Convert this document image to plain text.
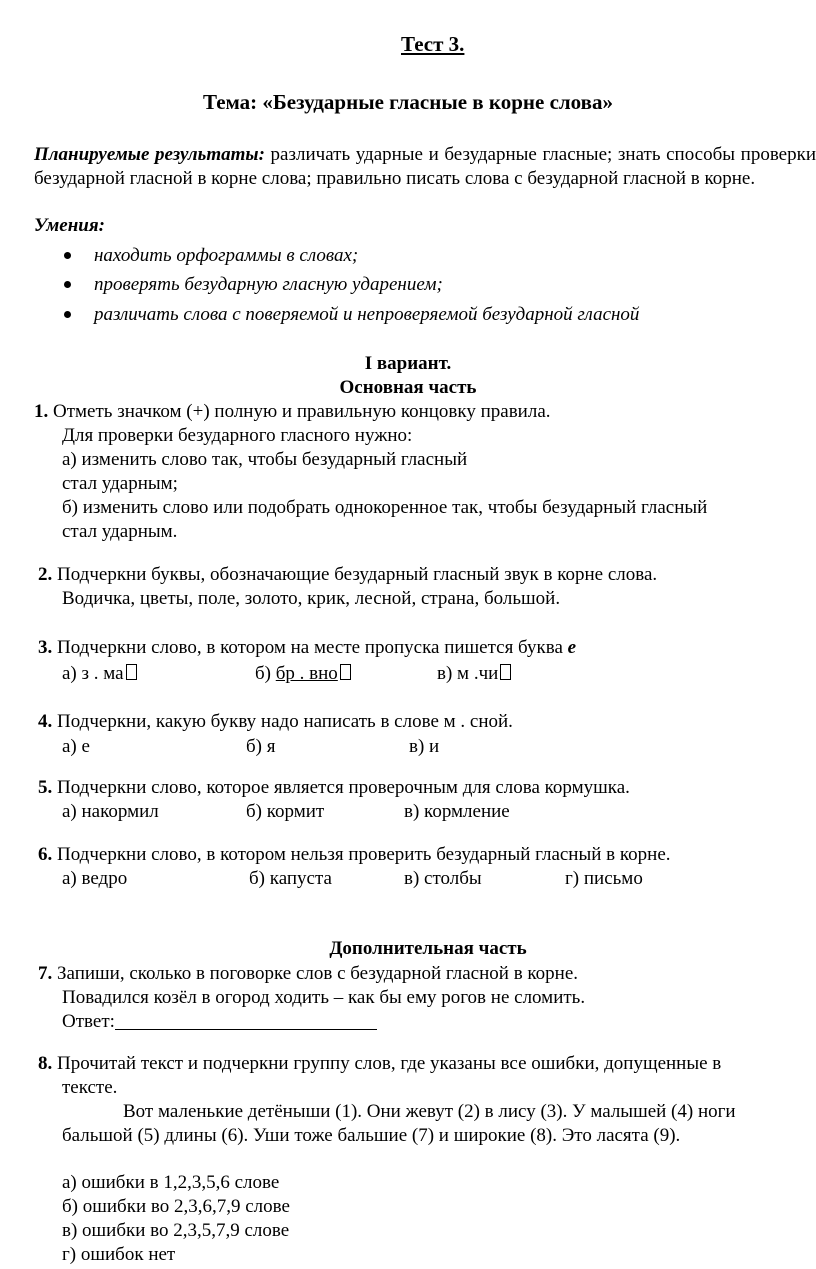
Тест 3.
Тема: «Безударные гласные в корне слова»
Планируемые результаты: различать ударные и безударные гласные; знать способы проверки безударной гласной в корне слова; правильно писать слова с безударной гласной в корне.
Умения:
находить орфограммы в словах;
проверять безударную гласную ударением;
различать слова с поверяемой и непроверяемой безударной гласной
I вариант.
Основная часть
1. Отметь значком (+) полную и правильную концовку правила.
Для проверки безударного гласного нужно:
а) изменить слово так, чтобы безударный гласный
стал ударным;
б) изменить слово или подобрать однокоренное так, чтобы безударный гласный
стал ударным.
2. Подчеркни буквы, обозначающие безударный гласный звук в корне слова.
Водичка, цветы, поле, золото, крик, лесной, страна, большой.
3. Подчеркни слово, в котором на месте пропуска пишется буква е
а) з . ма	б) бр . вно	в) м .чи
4. Подчеркни, какую букву надо написать в слове м . сной.
а) е	б) я	в) и
5. Подчеркни слово, которое является проверочным для слова кормушка.
а) накормил	б) кормит	в) кормление
6. Подчеркни слово, в котором нельзя проверить безударный гласный в корне.
а) ведро	б) капуста	в) столбы	г) письмо
Дополнительная часть
7. Запиши, сколько в поговорке слов с безударной гласной в корне.
Повадился козёл в огород ходить – как бы ему рогов не сломить.
Ответ:
8. Прочитай текст и подчеркни группу слов, где указаны все ошибки, допущенные в
тексте.
Вот маленькие детёныши (1). Они жевут (2) в лису (3). У малышей (4) ноги
бальшой (5) длины (6). Уши тоже бальшие (7) и широкие (8). Это ласята (9).
а) ошибки в 1,2,3,5,6 слове
б) ошибки во 2,3,6,7,9 слове
в) ошибки во 2,3,5,7,9 слове
г) ошибок нет
